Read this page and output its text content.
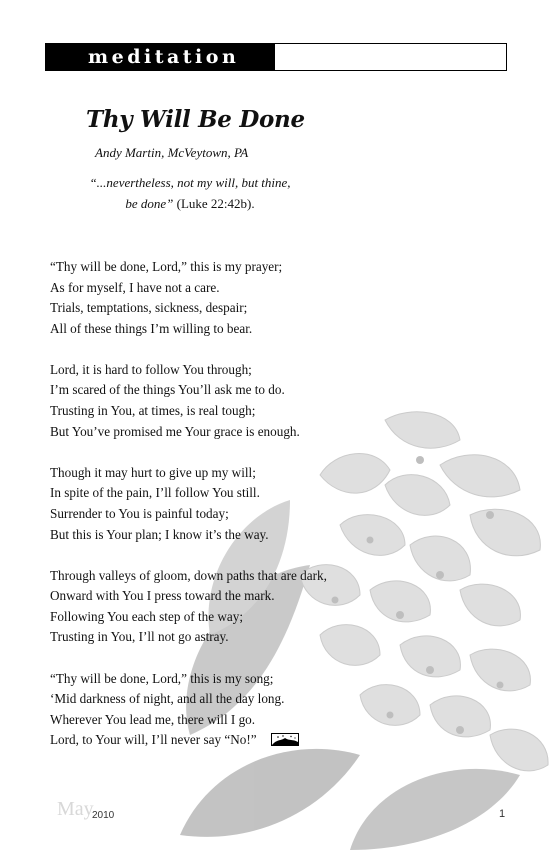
meditation
Thy Will Be Done
Andy Martin, McVeytown, PA
“...nevertheless, not my will, but thine,
be done” (Luke 22:42b).
“Thy will be done, Lord,” this is my prayer;
As for myself, I have not a care.
Trials, temptations, sickness, despair;
All of these things I’m willing to bear.
Lord, it is hard to follow You through;
I’m scared of the things You’ll ask me to do.
Trusting in You, at times, is real tough;
But You’ve promised me Your grace is enough.
Though it may hurt to give up my will;
In spite of the pain, I’ll follow You still.
Surrender to You is painful today;
But this is Your plan; I know it’s the way.
Through valleys of gloom, down paths that are dark,
Onward with You I press toward the mark.
Following You each step of the way;
Trusting in You, I’ll not go astray.
“Thy will be done, Lord,” this is my song;
‘Mid darkness of night, and all the day long.
Wherever You lead me, there will I go.
Lord, to Your will, I’ll never say “No!”
May
2010	1
